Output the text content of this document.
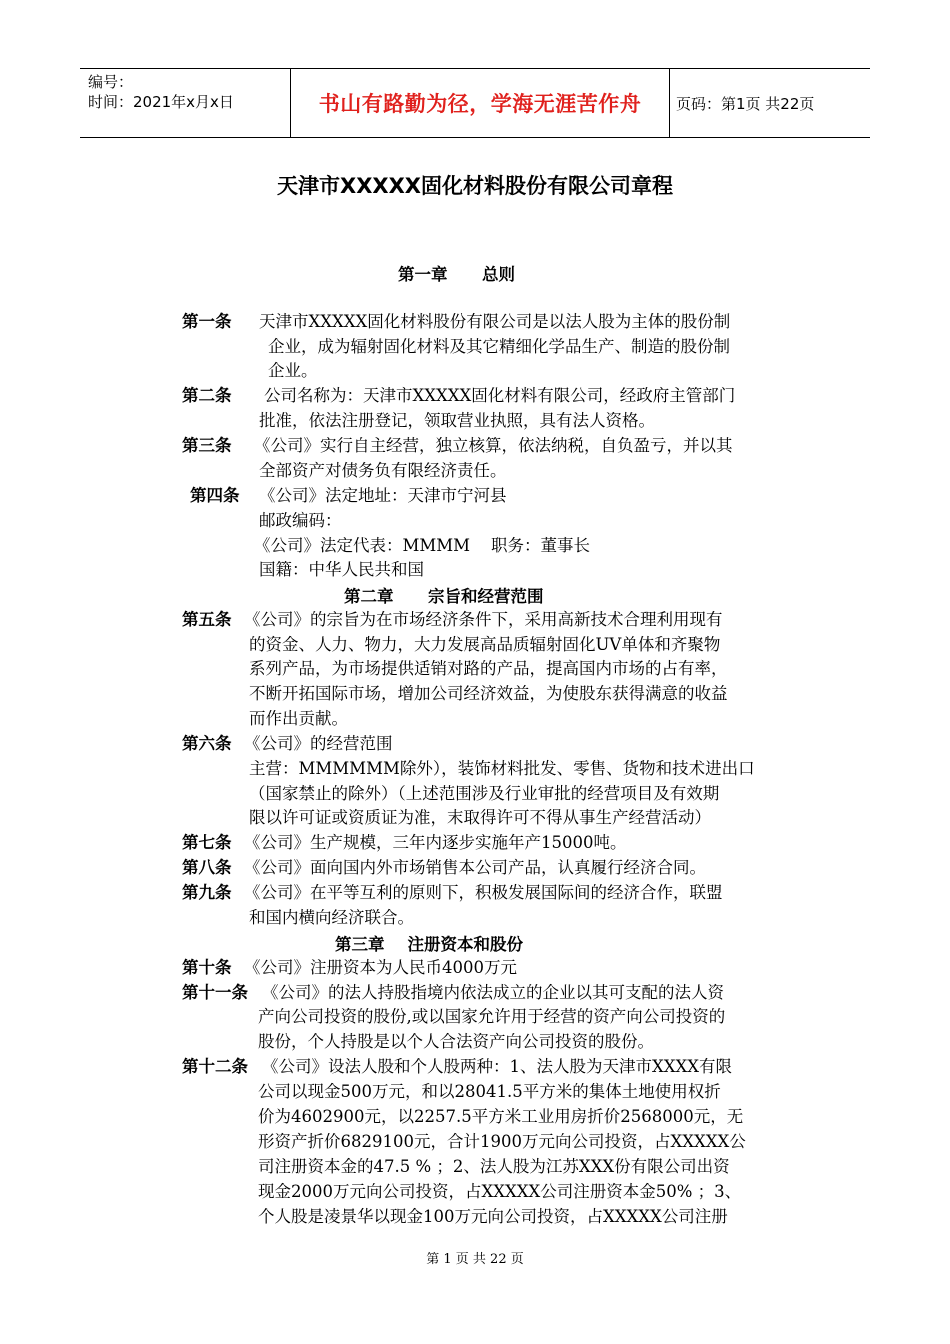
编号：
时间：2021年x月x日	书山有路勤为径，学海无涯苦作舟	页码：第1页 共22页
天津市XXXXX固化材料股份有限公司章程
第一章      总则
第一条 天津市XXXXX固化材料股份有限公司是以法人股为主体的股份制
企业，成为辐射固化材料及其它精细化学品生产、制造的股份制
企业。
第二条 公司名称为：天津市XXXXX固化材料有限公司，经政府主管部门
批准，依法注册登记，领取营业执照，具有法人资格。
第三条 《公司》实行自主经营，独立核算，依法纳税，自负盈亏，并以其
全部资产对债务负有限经济责任。
第四条 《公司》法定地址：天津市宁河县
邮政编码：
《公司》法定代表：MMMM    职务：董事长
国籍：中华人民共和国
第二章      宗旨和经营范围
第五条 《公司》的宗旨为在市场经济条件下，采用高新技术合理利用现有
的资金、人力、物力，大力发展高品质辐射固化UV单体和齐聚物
系列产品，为市场提供适销对路的产品，提高国内市场的占有率，
不断开拓国际市场，增加公司经济效益，为使股东获得满意的收益
而作出贡献。
第六条 《公司》的经营范围
主营：MMMMMM除外），装饰材料批发、零售、货物和技术进出口
（国家禁止的除外）（上述范围涉及行业审批的经营项目及有效期
限以许可证或资质证为准，末取得许可不得从事生产经营活动）
第七条 《公司》生产规模，三年内逐步实施年产15000吨。
第八条 《公司》面向国内外市场销售本公司产品，认真履行经济合同。
第九条 《公司》在平等互利的原则下，积极发展国际间的经济合作，联盟
和国内横向经济联合。
第三章    注册资本和股份
第十条 《公司》注册资本为人民币4000万元
第十一条 《公司》的法人持股指境内依法成立的企业以其可支配的法人资
产向公司投资的股份,或以国家允许用于经营的资产向公司投资的
股份，个人持股是以个人合法资产向公司投资的股份。
第十二条 《公司》设法人股和个人股两种：1、法人股为天津市XXXX有限
公司以现金500万元，和以28041.5平方米的集体土地使用权折
价为4602900元，以2257.5平方米工业用房折价2568000元，无
形资产折价6829100元，合计1900万元向公司投资，占XXXXX公
司注册资本金的47.5 % ；2、法人股为江苏XXX份有限公司出资
现金2000万元向公司投资，占XXXXX公司注册资本金50% ；3、
个人股是凌景华以现金100万元向公司投资，占XXXXX公司注册
第 1 页 共 22 页
